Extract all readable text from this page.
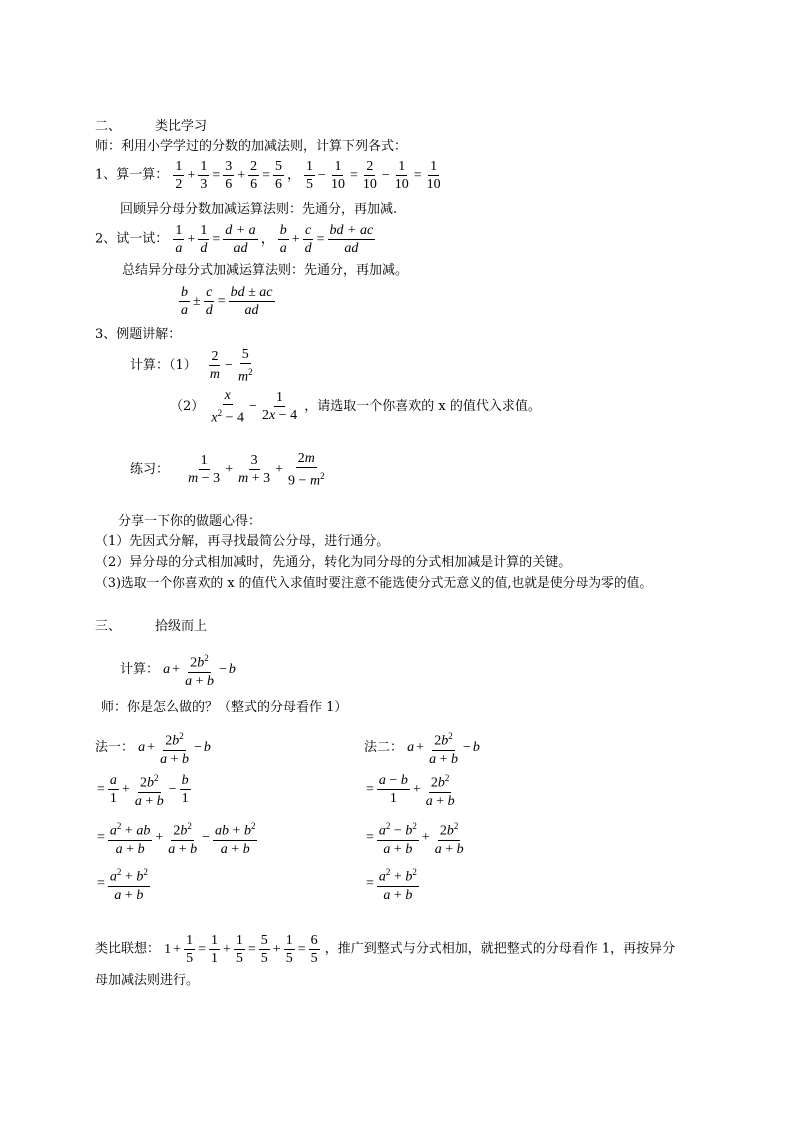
二、	类比学习
师：利用小学学过的分数的加减法则，计算下列各式：
1、算一算：
1
2
+ $\frac{1}{3} = \frac{3}{6} + \frac{2}{6} = \frac{5}{6}$ ，
1
5
− $\frac{1}{10} = \frac{2}{10} - \frac{1}{10} = \frac{1}{10}$
回顾异分母分数加减运算法则：先通分，再加减.
2、试一试：
1
a
+ $\frac{1}{d} = \frac{d + a}{ad}$ ，
b
a
+ $\frac{c}{d} = \frac{bd + ac}{ad}$
总结异分母分式加减运算法则：先通分，再加减。
b
a
± $\frac{c}{d} = \frac{bd \pm ac}{ad}$
3、例题讲解：
计算：（1）
2
m
− $\frac{5}{m^2}$
（2）
x
$x^2 - 4$
− $\frac{1}{2x - 4}$ ，请选取一个你喜欢的 x 的值代入求值。
练习：
1
m − 3
+ $\frac{3}{m + 3} + \frac{2m}{9 - m^2}$
分享一下你的做题心得：
（1）先因式分解，再寻找最简公分母，进行通分。
（2）异分母的分式相加减时，先通分，转化为同分母的分式相加减是计算的关键。
（3)选取一个你喜欢的 x 的值代入求值时要注意不能选使分式无意义的值,也就是使分母为零的值。
三、	拾级而上
计算： $a + \frac{2b^2}{a + b} - b$
师：你是怎么做的？（整式的分母看作 1）
法一： $a + \frac{2b^2}{a + b} - b$
= $\frac{a}{1} + \frac{2b^2}{a + b} - \frac{b}{1}$
= $\frac{a^2 + ab}{a + b} + \frac{2b^2}{a + b} - \frac{ab + b^2}{a + b}$
= $\frac{a^2 + b^2}{a + b}$
法二： $a + \frac{2b^2}{a + b} - b$
= $\frac{a - b}{1} + \frac{2b^2}{a + b}$
= $\frac{a^2 - b^2}{a + b} + \frac{2b^2}{a + b}$
= $\frac{a^2 + b^2}{a + b}$
类比联想： $1 + \frac{1}{5} = \frac{1}{1} + \frac{1}{5} = \frac{5}{5} + \frac{1}{5} = \frac{6}{5}$ ，推广到整式与分式相加，就把整式的分母看作 1，再按异分
母加减法则进行。
